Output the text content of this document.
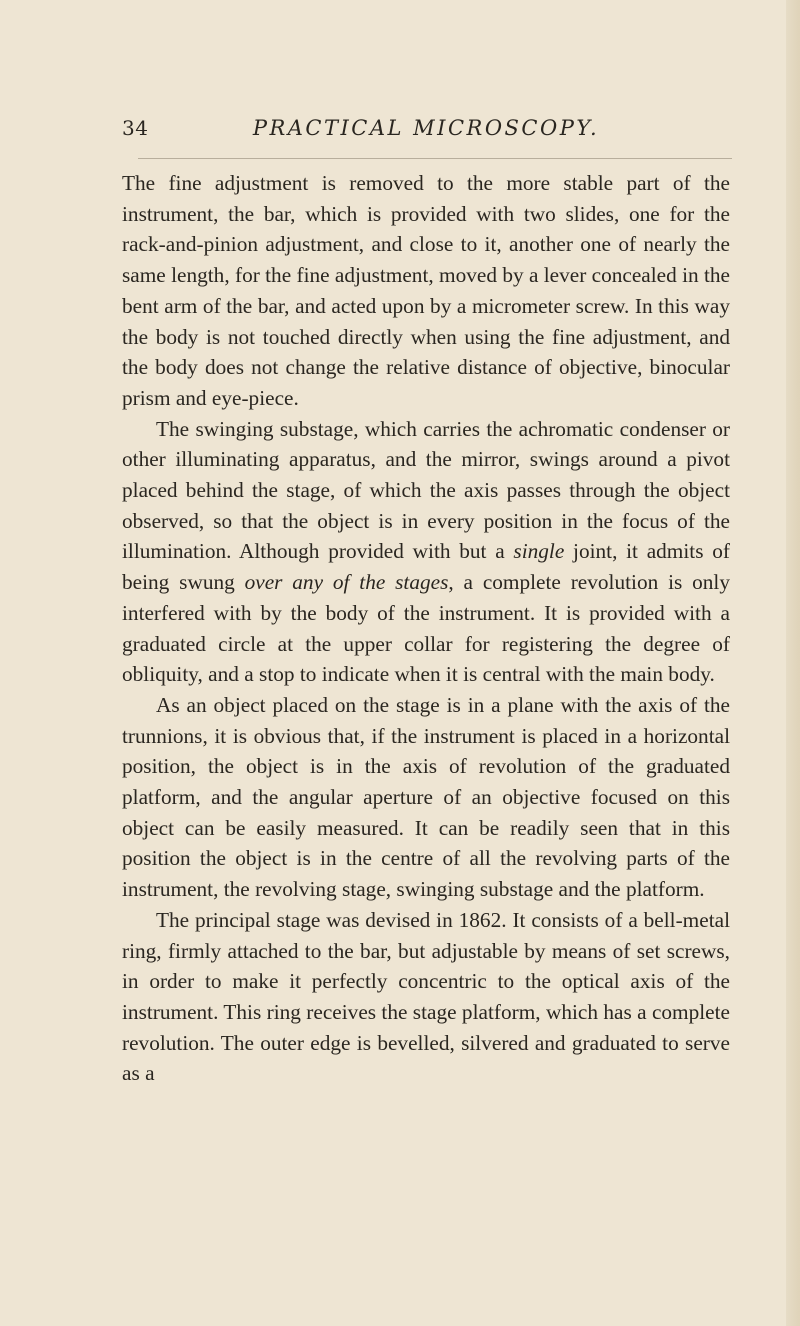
34	PRACTICAL MICROSCOPY.

The fine adjustment is removed to the more stable part of the instrument, the bar, which is provided with two slides, one for the rack-and-pinion adjustment, and close to it, another one of nearly the same length, for the fine adjustment, moved by a lever concealed in the bent arm of the bar, and acted upon by a micrometer screw. In this way the body is not touched directly when using the fine adjustment, and the body does not change the relative distance of objective, binocular prism and eye-piece.

The swinging substage, which carries the achromatic condenser or other illuminating apparatus, and the mirror, swings around a pivot placed behind the stage, of which the axis passes through the object observed, so that the object is in every position in the focus of the illumination. Although provided with but a single joint, it admits of being swung over any of the stages, a complete revolution is only interfered with by the body of the instrument. It is provided with a graduated circle at the upper collar for registering the degree of obliquity, and a stop to indicate when it is central with the main body.

As an object placed on the stage is in a plane with the axis of the trunnions, it is obvious that, if the instrument is placed in a horizontal position, the object is in the axis of revolution of the graduated platform, and the angular aperture of an objective focused on this object can be easily measured. It can be readily seen that in this position the object is in the centre of all the revolving parts of the instrument, the revolving stage, swinging substage and the platform.

The principal stage was devised in 1862. It consists of a bell-metal ring, firmly attached to the bar, but adjustable by means of set screws, in order to make it perfectly concentric to the optical axis of the instrument. This ring receives the stage platform, which has a complete revolution. The outer edge is bevelled, silvered and graduated to serve as a
